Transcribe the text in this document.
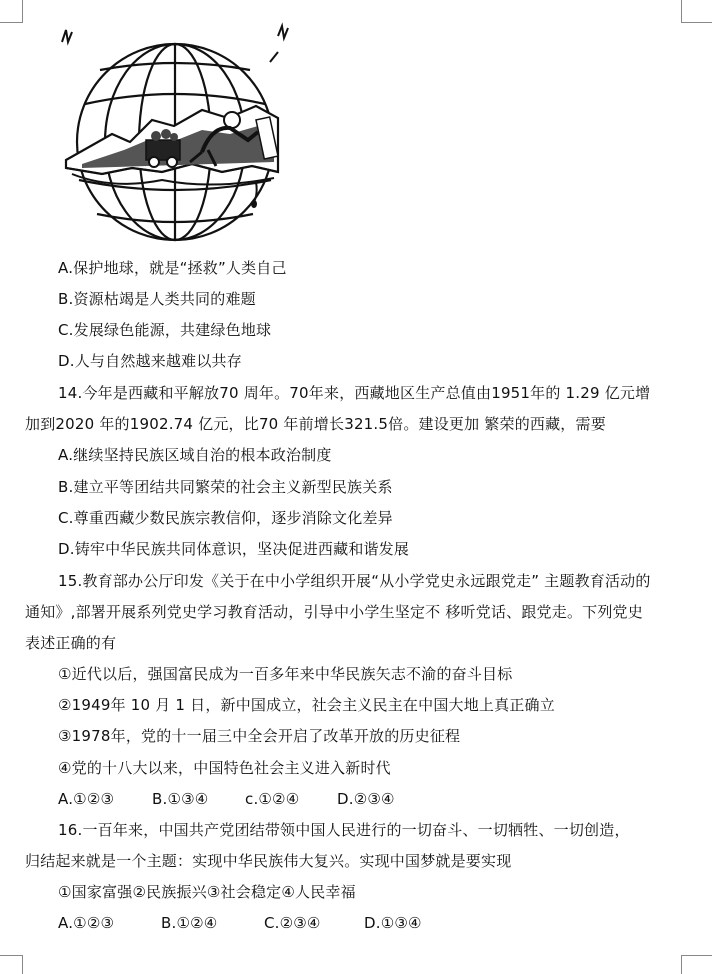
A.保护地球，就是“拯救”人类自己

B.资源枯竭是人类共同的难题

C.发展绿色能源，共建绿色地球

D.人与自然越来越难以共存

14.今年是西藏和平解放70 周年。70年来，西藏地区生产总值由1951年的 1.29 亿元增

加到2020 年的1902.74 亿元，比70 年前增长321.5倍。建设更加 繁荣的西藏，需要

A.继续坚持民族区域自治的根本政治制度

B.建立平等团结共同繁荣的社会主义新型民族关系

C.尊重西藏少数民族宗教信仰，逐步消除文化差异

D.铸牢中华民族共同体意识，坚决促进西藏和谐发展

15.教育部办公厅印发《关于在中小学组织开展“从小学党史永远跟党走” 主题教育活动的

通知》,部署开展系列党史学习教育活动，引导中小学生坚定不 移听党话、跟党走。下列党史

表述正确的有

①近代以后，强国富民成为一百多年来中华民族矢志不渝的奋斗目标

②1949年 10 月 1 日，新中国成立，社会主义民主在中国大地上真正确立

③1978年，党的十一届三中全会开启了改革开放的历史征程

④党的十八大以来，中国特色社会主义进入新时代

A.①②③	B.①③④ c.①②④	D.②③④

16.一百年来，中国共产党团结带领中国人民进行的一切奋斗、一切牺牲、一切创造，

归结起来就是一个主题：实现中华民族伟大复兴。实现中国梦就是要实现

①国家富强②民族振兴③社会稳定④人民幸福

A.①②③	B.①②④	C.②③④	D.①③④
